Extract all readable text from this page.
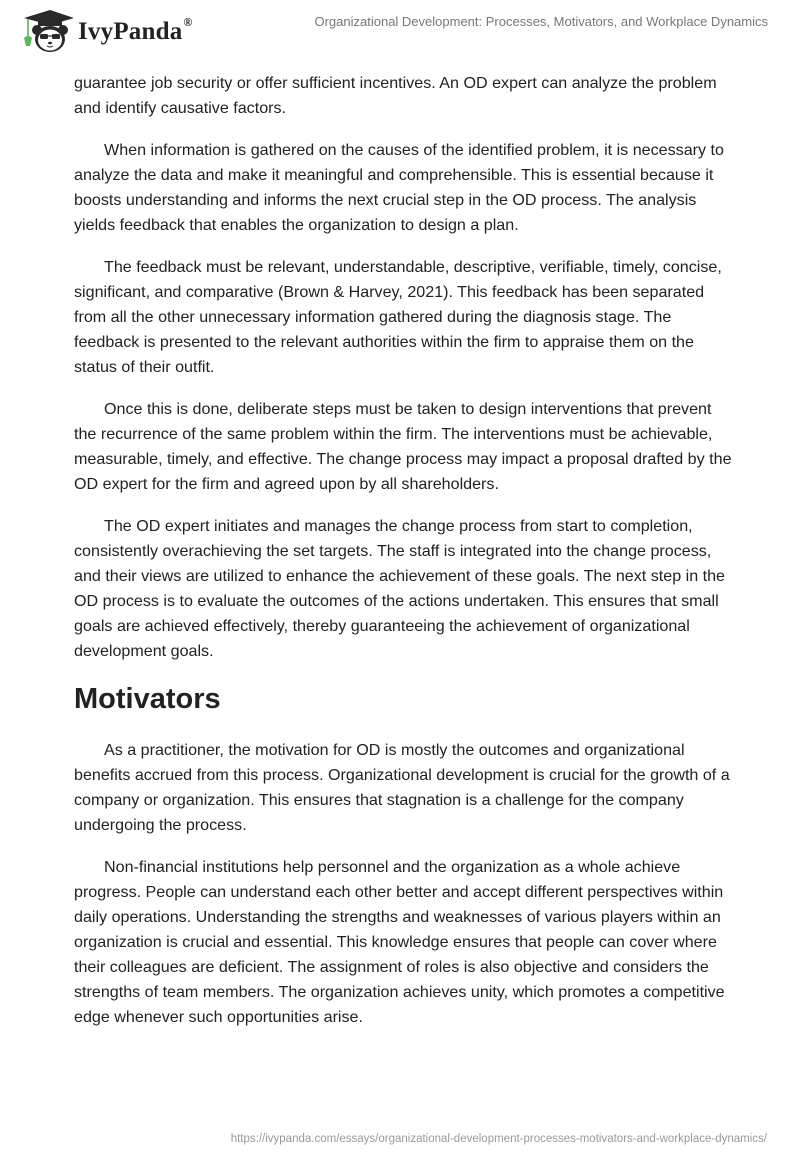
IvyPanda®	Organizational Development: Processes, Motivators, and Workplace Dynamics

guarantee job security or offer sufficient incentives. An OD expert can analyze the problem and identify causative factors.

When information is gathered on the causes of the identified problem, it is necessary to analyze the data and make it meaningful and comprehensible. This is essential because it boosts understanding and informs the next crucial step in the OD process. The analysis yields feedback that enables the organization to design a plan.

The feedback must be relevant, understandable, descriptive, verifiable, timely, concise, significant, and comparative (Brown & Harvey, 2021). This feedback has been separated from all the other unnecessary information gathered during the diagnosis stage. The feedback is presented to the relevant authorities within the firm to appraise them on the status of their outfit.

Once this is done, deliberate steps must be taken to design interventions that prevent the recurrence of the same problem within the firm. The interventions must be achievable, measurable, timely, and effective. The change process may impact a proposal drafted by the OD expert for the firm and agreed upon by all shareholders.

The OD expert initiates and manages the change process from start to completion, consistently overachieving the set targets. The staff is integrated into the change process, and their views are utilized to enhance the achievement of these goals. The next step in the OD process is to evaluate the outcomes of the actions undertaken. This ensures that small goals are achieved effectively, thereby guaranteeing the achievement of organizational development goals.

Motivators

As a practitioner, the motivation for OD is mostly the outcomes and organizational benefits accrued from this process. Organizational development is crucial for the growth of a company or organization. This ensures that stagnation is a challenge for the company undergoing the process.

Non-financial institutions help personnel and the organization as a whole achieve progress. People can understand each other better and accept different perspectives within daily operations. Understanding the strengths and weaknesses of various players within an organization is crucial and essential. This knowledge ensures that people can cover where their colleagues are deficient. The assignment of roles is also objective and considers the strengths of team members. The organization achieves unity, which promotes a competitive edge whenever such opportunities arise.

https://ivypanda.com/essays/organizational-development-processes-motivators-and-workplace-dynamics/
